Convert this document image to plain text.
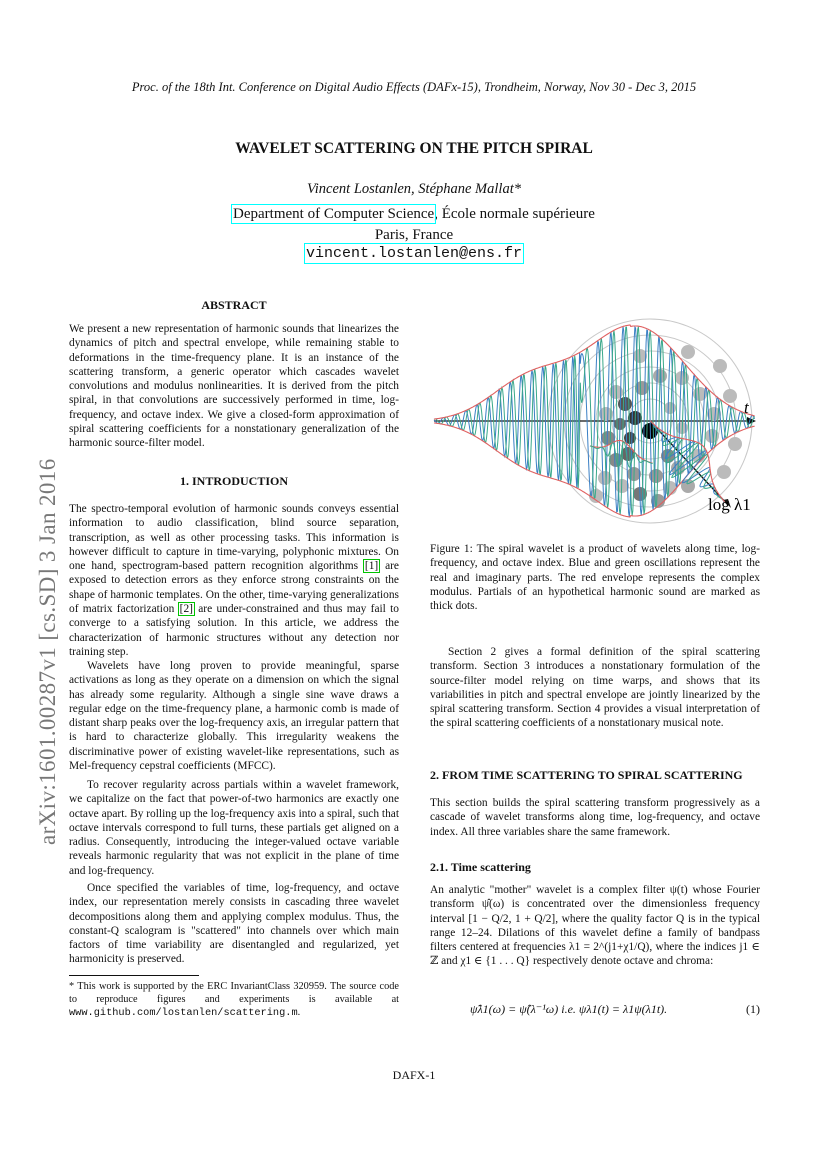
Proc. of the 18th Int. Conference on Digital Audio Effects (DAFx-15), Trondheim, Norway, Nov 30 - Dec 3, 2015
arXiv:1601.00287v1 [cs.SD] 3 Jan 2016
WAVELET SCATTERING ON THE PITCH SPIRAL
Vincent Lostanlen, Stéphane Mallat*
Department of Computer Science, École normale supérieure
Paris, France
vincent.lostanlen@ens.fr
ABSTRACT
We present a new representation of harmonic sounds that linearizes the dynamics of pitch and spectral envelope, while remaining stable to deformations in the time-frequency plane. It is an instance of the scattering transform, a generic operator which cascades wavelet convolutions and modulus nonlinearities. It is derived from the pitch spiral, in that convolutions are successively performed in time, log-frequency, and octave index. We give a closed-form approximation of spiral scattering coefficients for a nonstationary generalization of the harmonic source-filter model.
1. INTRODUCTION
The spectro-temporal evolution of harmonic sounds conveys essential information to audio classification, blind source separation, transcription, as well as other processing tasks. This information is however difficult to capture in time-varying, polyphonic mixtures. On one hand, spectrogram-based pattern recognition algorithms [1] are exposed to detection errors as they enforce strong constraints on the shape of harmonic templates. On the other, time-varying generalizations of matrix factorization [2] are under-constrained and thus may fail to converge to a satisfying solution. In this article, we address the characterization of harmonic structures without any detection nor training step.
Wavelets have long proven to provide meaningful, sparse activations as long as they operate on a dimension on which the signal has already some regularity. Although a single sine wave draws a regular edge on the time-frequency plane, a harmonic comb is made of distant sharp peaks over the log-frequency axis, an irregular pattern that is hard to characterize globally. This irregularity weakens the discriminative power of existing wavelet-like representations, such as Mel-frequency cepstral coefficients (MFCC).
To recover regularity across partials within a wavelet framework, we capitalize on the fact that power-of-two harmonics are exactly one octave apart. By rolling up the log-frequency axis into a spiral, such that octave intervals correspond to full turns, these partials get aligned on a radius. Consequently, introducing the integer-valued octave variable reveals harmonic regularity that was not explicit in the plane of time and log-frequency.
Once specified the variables of time, log-frequency, and octave index, our representation merely consists in cascading three wavelet decompositions along them and applying complex modulus. Thus, the constant-Q scalogram is "scattered" into channels over which main factors of time variability are disentangled and regularized, yet harmonicity is preserved.
* This work is supported by the ERC InvariantClass 320959. The source code to reproduce figures and experiments is available at www.github.com/lostanlen/scattering.m.
t
log λ1
Figure 1: The spiral wavelet is a product of wavelets along time, log-frequency, and octave index. Blue and green oscillations represent the real and imaginary parts. The red envelope represents the complex modulus. Partials of an hypothetical harmonic sound are marked as thick dots.
Section 2 gives a formal definition of the spiral scattering transform. Section 3 introduces a nonstationary formulation of the source-filter model relying on time warps, and shows that its variabilities in pitch and spectral envelope are jointly linearized by the spiral scattering transform. Section 4 provides a visual interpretation of the spiral scattering coefficients of a nonstationary musical note.
2. FROM TIME SCATTERING TO SPIRAL SCATTERING
This section builds the spiral scattering transform progressively as a cascade of wavelet transforms along time, log-frequency, and octave index. All three variables share the same framework.
2.1. Time scattering
An analytic "mother" wavelet is a complex filter ψ(t) whose Fourier transform ψ̂(ω) is concentrated over the dimensionless frequency interval [1 − Q/2, 1 + Q/2], where the quality factor Q is in the typical range 12–24. Dilations of this wavelet define a family of bandpass filters centered at frequencies λ1 = 2^(j1+χ1/Q), where the indices j1 ∈ ℤ and χ1 ∈ {1 . . . Q} respectively denote octave and chroma:
ψ̂λ1(ω) = ψ̂(λ⁻¹ω) i.e. ψλ1(t) = λ1ψ(λ1t).	(1)
DAFX-1
